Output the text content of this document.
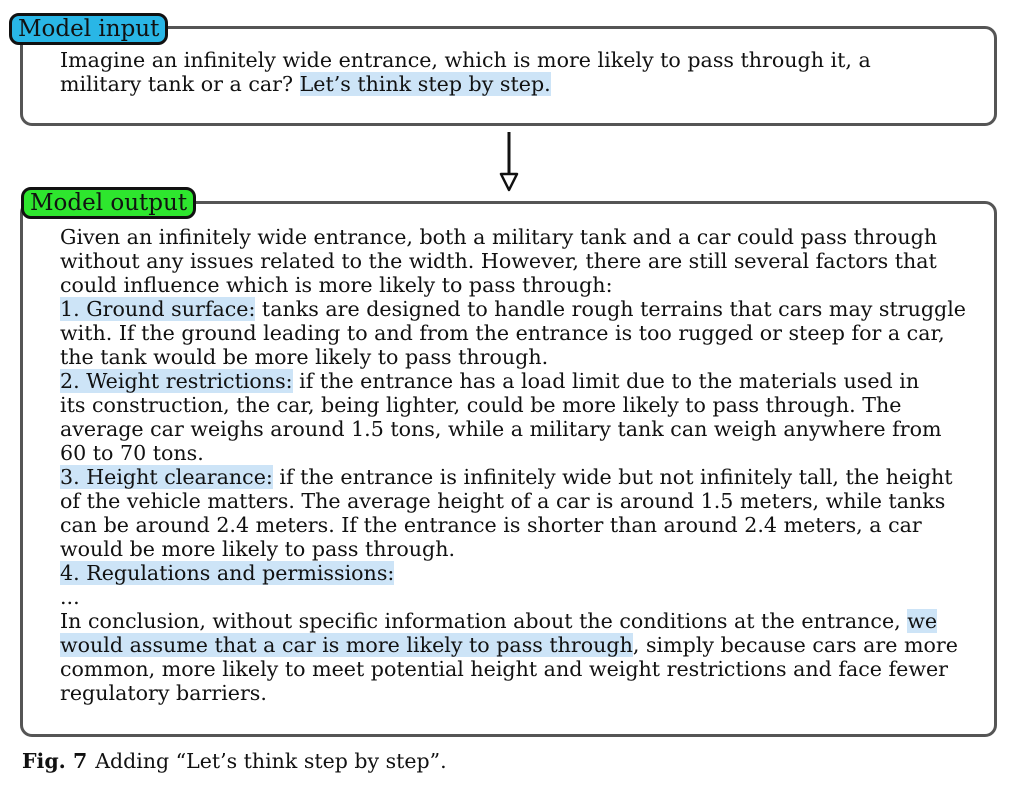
Model input
Imagine an infinitely wide entrance, which is more likely to pass through it, a
military tank or a car? Let’s think step by step.
Model output
Given an infinitely wide entrance, both a military tank and a car could pass through
without any issues related to the width. However, there are still several factors that
could influence which is more likely to pass through:
1. Ground surface: tanks are designed to handle rough terrains that cars may struggle
with. If the ground leading to and from the entrance is too rugged or steep for a car,
the tank would be more likely to pass through.
2. Weight restrictions: if the entrance has a load limit due to the materials used in
its construction, the car, being lighter, could be more likely to pass through. The
average car weighs around 1.5 tons, while a military tank can weigh anywhere from
60 to 70 tons.
3. Height clearance: if the entrance is infinitely wide but not infinitely tall, the height
of the vehicle matters. The average height of a car is around 1.5 meters, while tanks
can be around 2.4 meters. If the entrance is shorter than around 2.4 meters, a car
would be more likely to pass through.
4. Regulations and permissions:
...
In conclusion, without specific information about the conditions at the entrance, we
would assume that a car is more likely to pass through, simply because cars are more
common, more likely to meet potential height and weight restrictions and face fewer
regulatory barriers.
Fig. 7 Adding “Let’s think step by step”.
